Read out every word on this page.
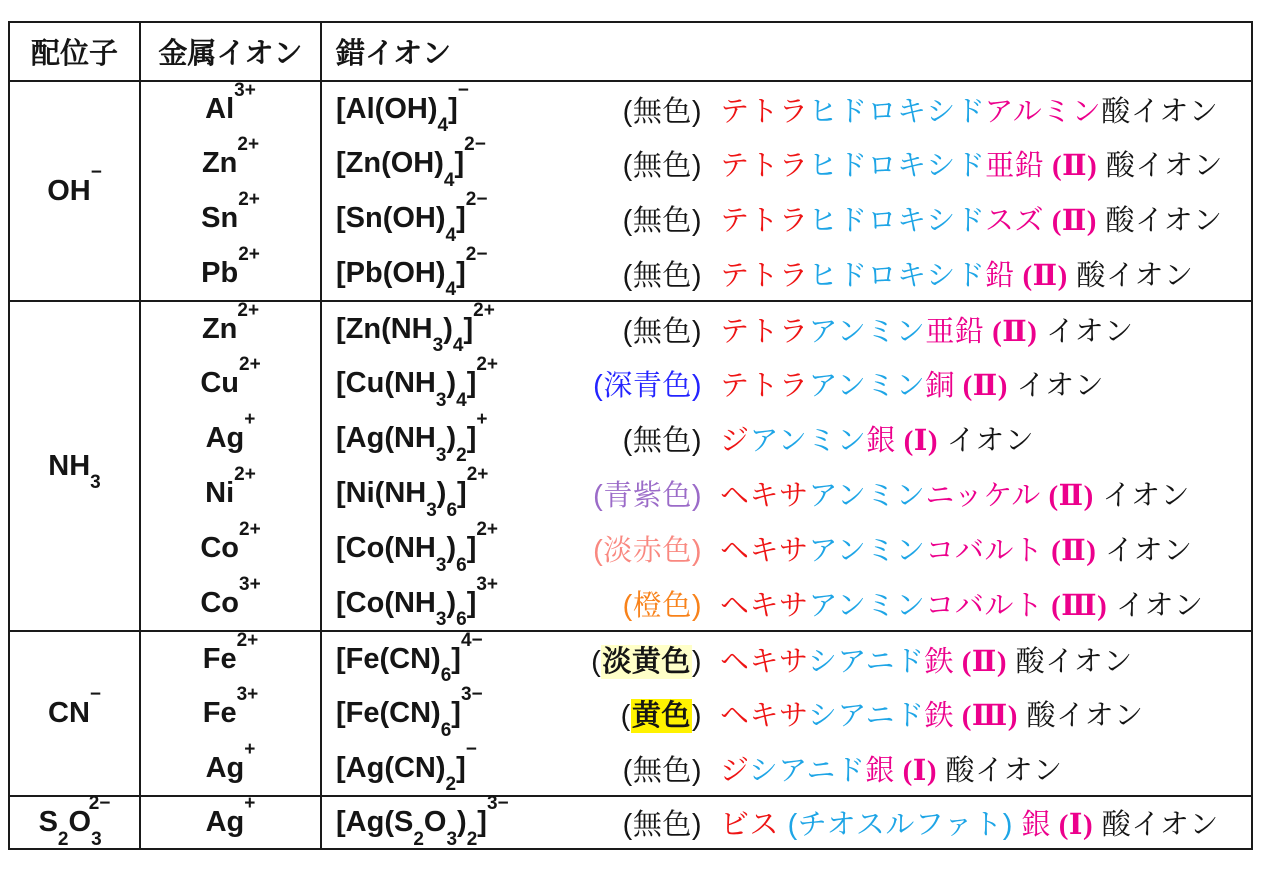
配位子	金属イオン	錯イオン
OH−	$Al^{3+}$	$[Al(OH)_4]^-$
(無色) テトラヒドロキシドアルミン酸イオン

	$Zn^{2+}$	$[Zn(OH)_4]^{2-}$
(無色) テトラヒドロキシド亜鉛 (Ⅱ) 酸イオン

	$Sn^{2+}$	$[Sn(OH)_4]^{2-}$
(無色) テトラヒドロキシドスズ (Ⅱ) 酸イオン

	$Pb^{2+}$	$[Pb(OH)_4]^{2-}$
(無色) テトラヒドロキシド鉛 (Ⅱ) 酸イオン

$NH_3$	$Zn^{2+}$	$[Zn(NH_3)_4]^{2+}$
(無色) テトラアンミン亜鉛 (Ⅱ) イオン

	$Cu^{2+}$	$[Cu(NH_3)_4]^{2+}$
(深青色) テトラアンミン銅 (Ⅱ) イオン

	Ag+	$[Ag(NH_3)_2]^+$
(無色) ジアンミン銀 (Ⅰ) イオン

	$Ni^{2+}$	$[Ni(NH_3)_6]^{2+}$
(青紫色) ヘキサアンミンニッケル (Ⅱ) イオン

	$Co^{2+}$	$[Co(NH_3)_6]^{2+}$
(淡赤色) ヘキサアンミンコバルト (Ⅱ) イオン

	$Co^{3+}$	$[Co(NH_3)_6]^{3+}$
(橙色) ヘキサアンミンコバルト (Ⅲ) イオン

CN−	$Fe^{2+}$	$[Fe(CN)_6]^{4-}$
(淡黄色) ヘキサシアニド鉄 (Ⅱ) 酸イオン

	$Fe^{3+}$	$[Fe(CN)_6]^{3-}$
(黄色) ヘキサシアニド鉄 (Ⅲ) 酸イオン

	Ag+	$[Ag(CN)_2]^-$
(無色) ジシアニド銀 (Ⅰ) 酸イオン

$S_2O_3^{2-}$	Ag+	$[Ag(S_2O_3)_2]^{3-}$
(無色) ビス (チオスルファト) 銀 (Ⅰ) 酸イオン
